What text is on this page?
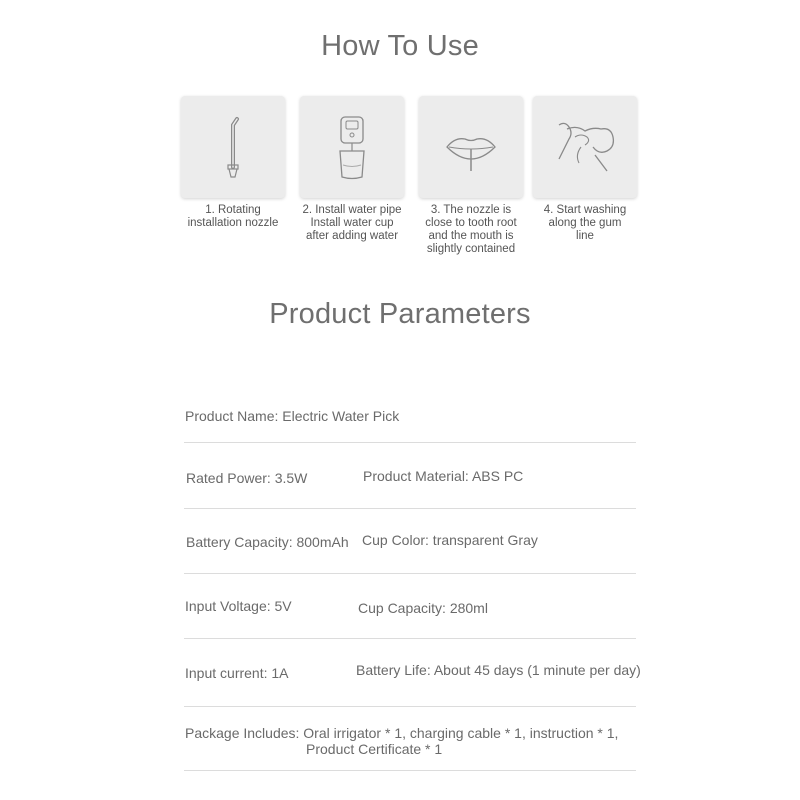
How To Use
1. Rotating
installation nozzle
2. Install water pipe
Install water cup
after adding water
3. The nozzle is
close to tooth root
and the mouth is
slightly contained
4. Start washing
along the gum
line
Product Parameters
Product Name: Electric Water Pick
Rated Power: 3.5W	Product Material: ABS PC
Battery Capacity: 800mAh Cup Color: transparent Gray
Input Voltage: 5V	Cup Capacity: 280ml
Input current: 1A	Battery Life: About 45 days (1 minute per day)
Package Includes: Oral irrigator * 1, charging cable * 1, instruction * 1,
Product Certificate * 1
